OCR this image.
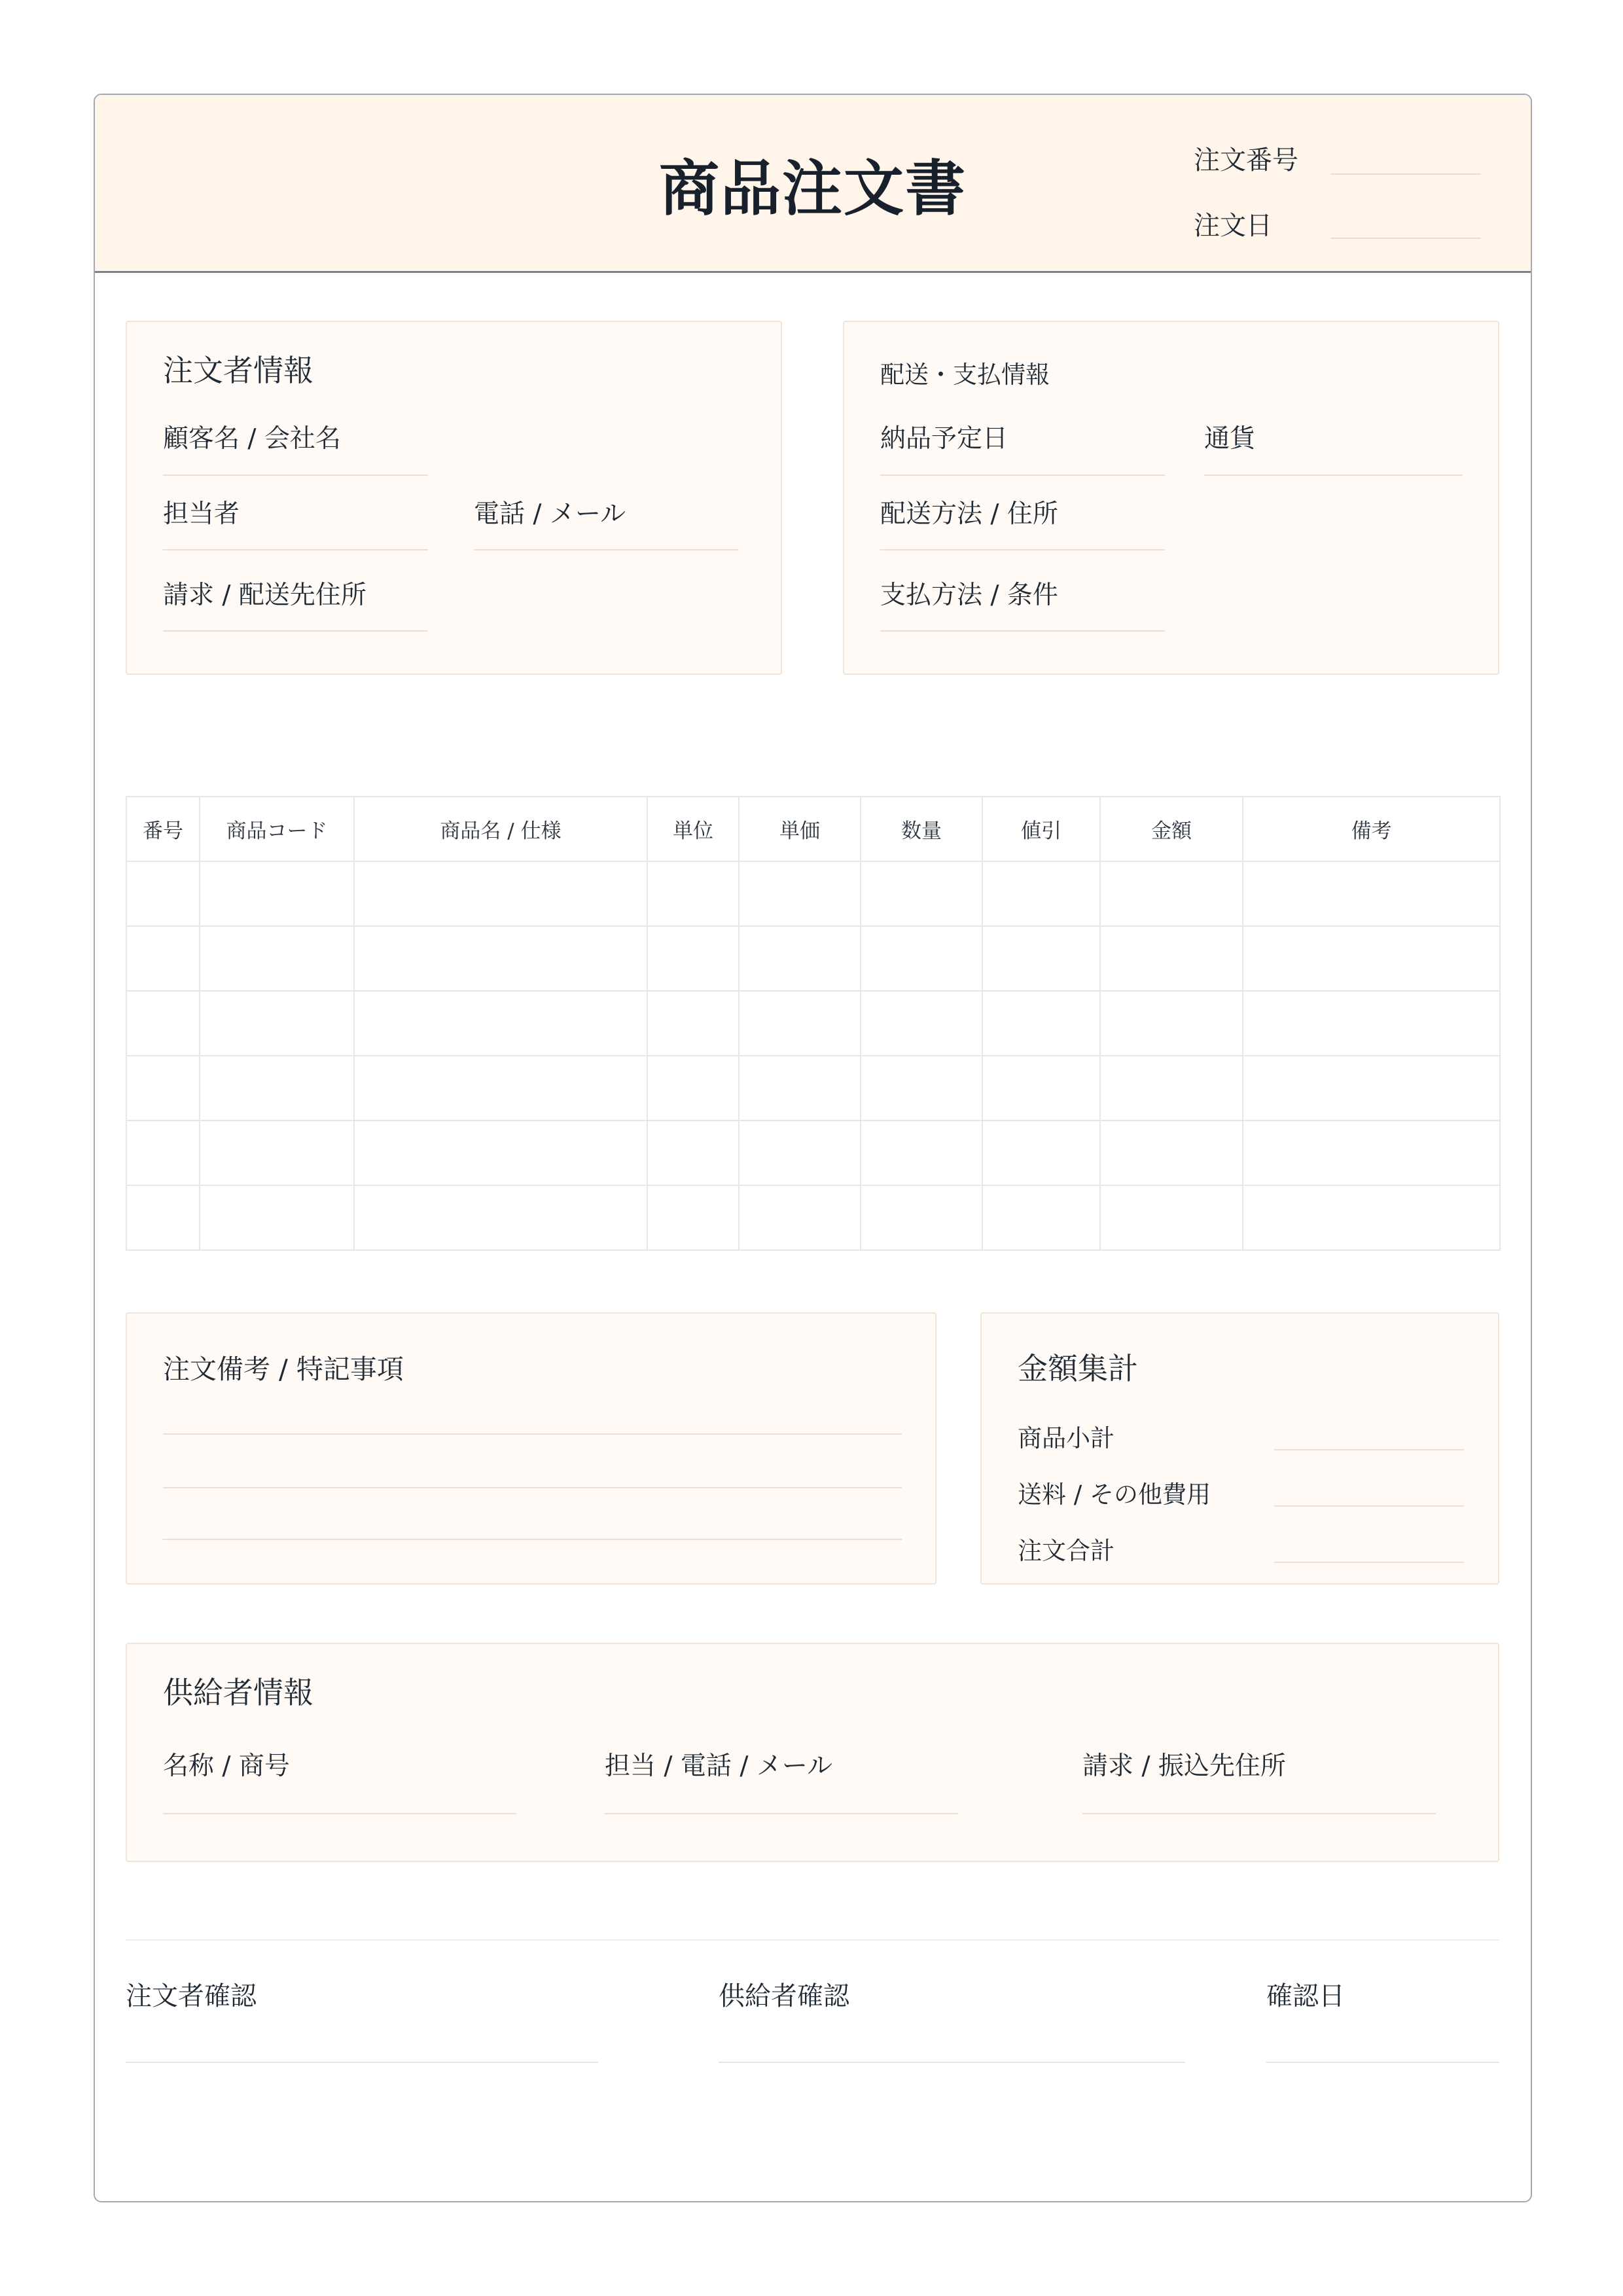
商品注文書	注文番号
注文日
注文者情報
顧客名 / 会社名
担当者	電話 / メール
請求 / 配送先住所
配送・支払情報
納品予定日	通貨
配送方法 / 住所
支払方法 / 条件
番号	商品コード	商品名 / 仕様	単位	単価	数量	値引	金額	備考

注文備考 / 特記事項	金額集計
商品小計
送料 / その他費用
注文合計
供給者情報
名称 / 商号	担当 / 電話 / メール	請求 / 振込先住所
注文者確認	供給者確認	確認日
